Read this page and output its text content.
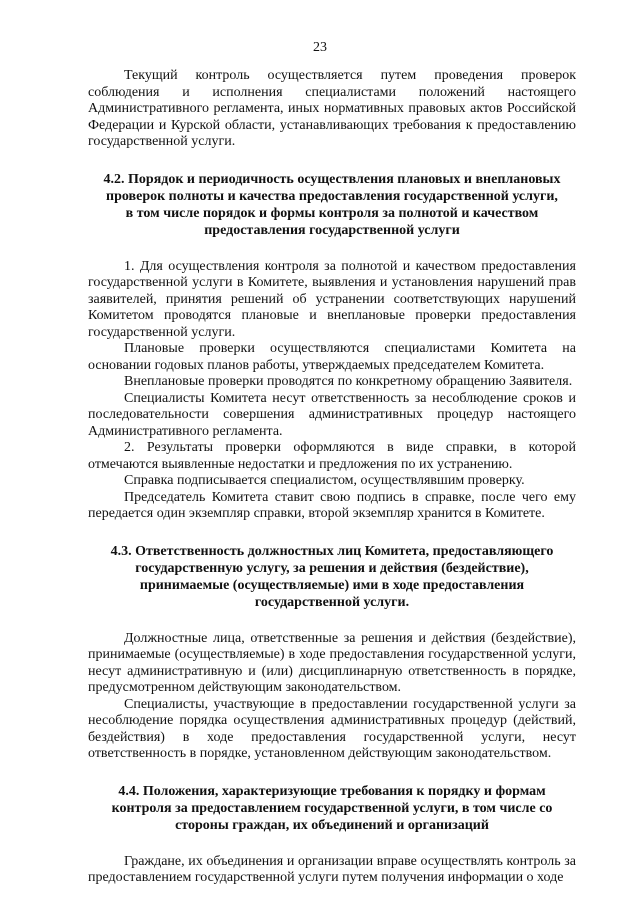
23

Текущий контроль осуществляется путем проведения проверок соблюдения и исполнения специалистами положений настоящего Административного регламента, иных нормативных правовых актов Российской Федерации и Курской области, устанавливающих требования к предоставлению государственной услуги.

4.2. Порядок и периодичность осуществления плановых и внеплановых проверок полноты и качества предоставления государственной услуги, в том числе порядок и формы контроля за полнотой и качеством предоставления государственной услуги

1. Для осуществления контроля за полнотой и качеством предоставления государственной услуги в Комитете, выявления и установления нарушений прав заявителей, принятия решений об устранении соответствующих нарушений Комитетом проводятся плановые и внеплановые проверки предоставления государственной услуги.

Плановые проверки осуществляются специалистами Комитета на основании годовых планов работы, утверждаемых председателем Комитета.

Внеплановые проверки проводятся по конкретному обращению Заявителя.

Специалисты Комитета несут ответственность за несоблюдение сроков и последовательности совершения административных процедур настоящего Административного регламента.

2. Результаты проверки оформляются в виде справки, в которой отмечаются выявленные недостатки и предложения по их устранению.

Справка подписывается специалистом, осуществлявшим проверку.

Председатель Комитета ставит свою подпись в справке, после чего ему передается один экземпляр справки, второй экземпляр хранится в Комитете.

4.3. Ответственность должностных лиц Комитета, предоставляющего государственную услугу, за решения и действия (бездействие), принимаемые (осуществляемые) ими в ходе предоставления государственной услуги.

Должностные лица, ответственные за решения и действия (бездействие), принимаемые (осуществляемые) в ходе предоставления государственной услуги, несут административную и (или) дисциплинарную ответственность в порядке, предусмотренном действующим законодательством.

Специалисты, участвующие в предоставлении государственной услуги за несоблюдение порядка осуществления административных процедур (действий, бездействия) в ходе предоставления государственной услуги, несут ответственность в порядке, установленном действующим законодательством.

4.4. Положения, характеризующие требования к порядку и формам контроля за предоставлением государственной услуги, в том числе со стороны граждан, их объединений и организаций

Граждане, их объединения и организации вправе осуществлять контроль за предоставлением государственной услуги путем получения информации о ходе
